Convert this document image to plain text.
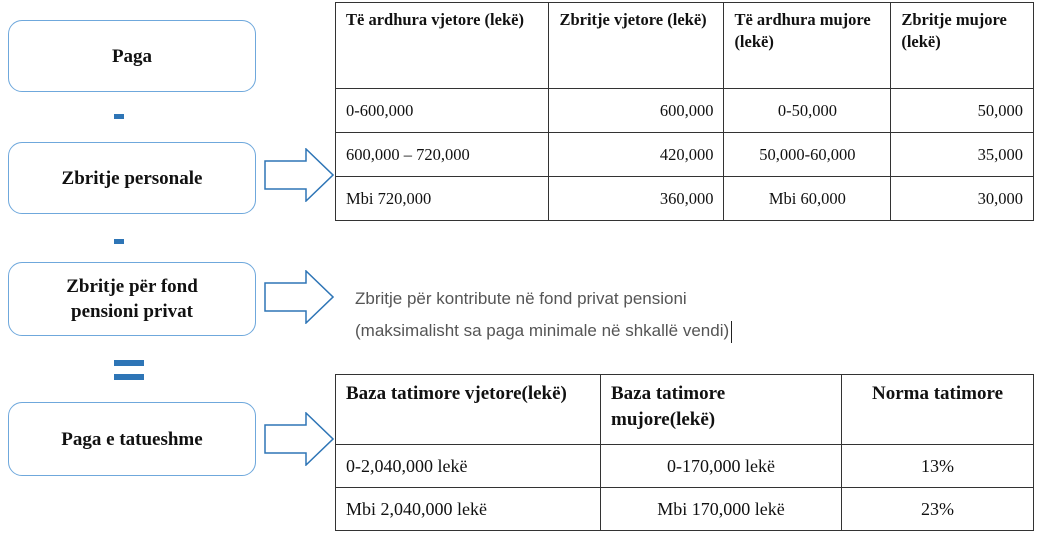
Paga
Zbritje personale
Zbritje për fond pensioni privat
Paga e tatueshme
Të ardhura vjetore (lekë)	Zbritje vjetore (lekë)	Të ardhura mujore (lekë)	Zbritje mujore (lekë)
0-600,000	600,000	0-50,000	50,000
600,000 – 720,000	420,000	50,000-60,000	35,000
Mbi 720,000	360,000	Mbi 60,000	30,000
Zbritje për kontribute në fond privat pensioni
(maksimalisht sa paga minimale në shkallë vendi)
Baza tatimore vjetore(lekë)	Baza tatimore mujore(lekë)	Norma tatimore
0-2,040,000 lekë	0-170,000 lekë	13%
Mbi 2,040,000 lekë	Mbi 170,000 lekë	23%
